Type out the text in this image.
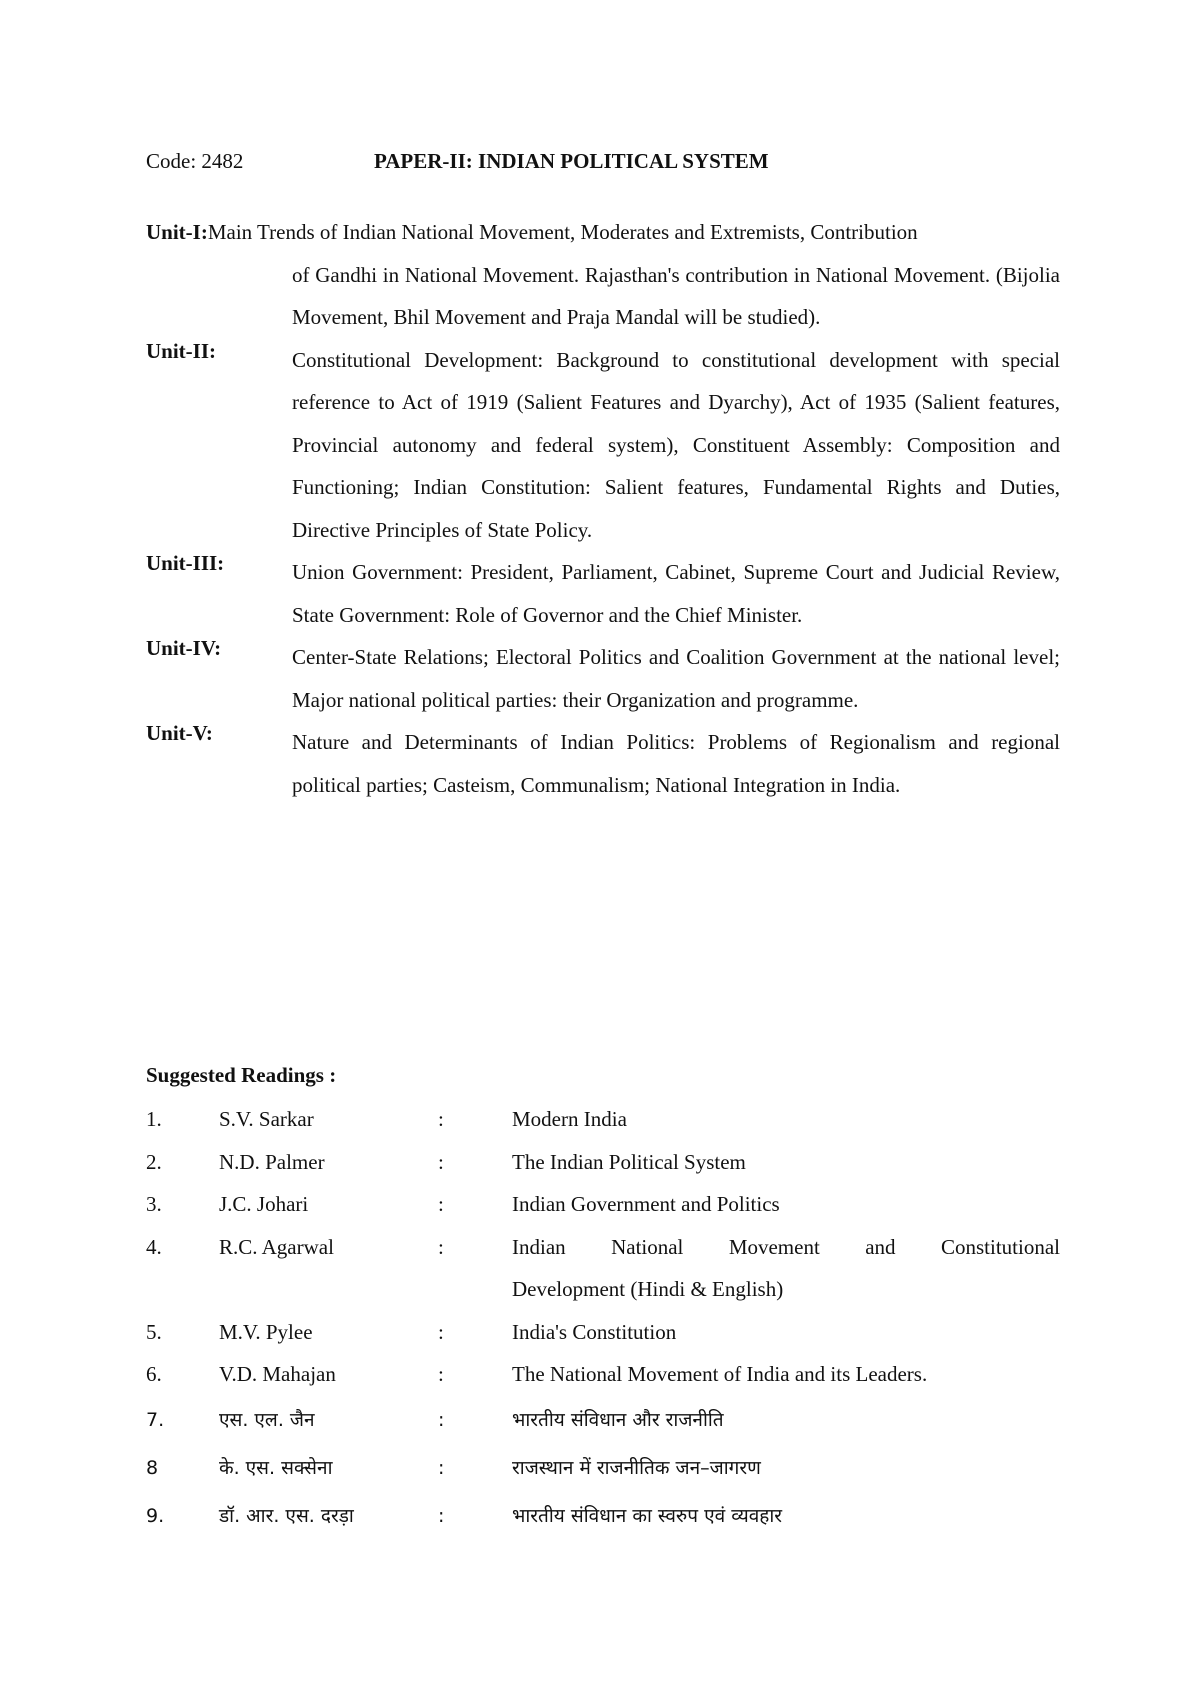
Code: 2482	PAPER-II: INDIAN POLITICAL SYSTEM
Unit-I:Main Trends of Indian National Movement, Moderates and Extremists, Contribution
of Gandhi in National Movement. Rajasthan's contribution in National Movement. (Bijolia Movement, Bhil Movement and Praja Mandal will be studied).
Unit-II:	Constitutional Development: Background to constitutional development with special reference to Act of 1919 (Salient Features and Dyarchy), Act of 1935 (Salient features, Provincial autonomy and federal system), Constituent Assembly: Composition and Functioning; Indian Constitution: Salient features, Fundamental Rights and Duties, Directive Principles of State Policy.
Unit-III:	Union Government: President, Parliament, Cabinet, Supreme Court and Judicial Review, State Government: Role of Governor and the Chief Minister.
Unit-IV:	Center-State Relations; Electoral Politics and Coalition Government at the national level; Major national political parties: their Organization and programme.
Unit-V:	Nature and Determinants of Indian Politics: Problems of Regionalism and regional political parties; Casteism, Communalism; National Integration in India.
Suggested Readings :
1.	S.V. Sarkar	:	Modern India
2.	N.D. Palmer	:	The Indian Political System
3.	J.C. Johari	:	Indian Government and Politics
4.	R.C. Agarwal	:	Indian National Movement and Constitutional
Development (Hindi & English)
5.	M.V. Pylee	:	India's Constitution
6.	V.D. Mahajan	:	The National Movement of India and its Leaders.
7.	एस. एल. जैन	:	भारतीय संविधान और राजनीति
8	के. एस. सक्सेना	:	राजस्थान में राजनीतिक जन–जागरण
9.	डॉ. आर. एस. दरड़ा	:	भारतीय संविधान का स्वरुप एवं व्यवहार
